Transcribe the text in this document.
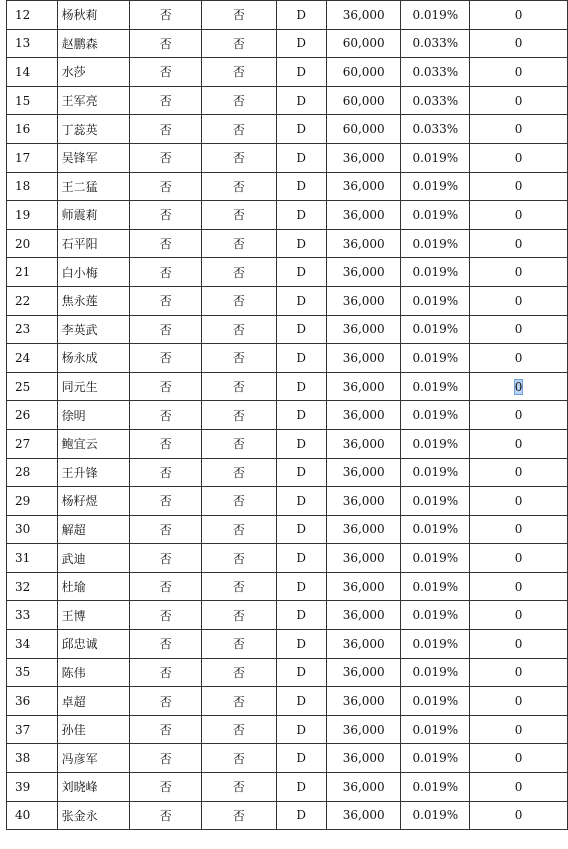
12	杨秋莉	否	否	D	36,000	0.019%	0
13	赵鹏森	否	否	D	60,000	0.033%	0
14	水莎	否	否	D	60,000	0.033%	0
15	王军亮	否	否	D	60,000	0.033%	0
16	丁蕊英	否	否	D	60,000	0.033%	0
17	吴锋军	否	否	D	36,000	0.019%	0
18	王二猛	否	否	D	36,000	0.019%	0
19	师震莉	否	否	D	36,000	0.019%	0
20	石平阳	否	否	D	36,000	0.019%	0
21	白小梅	否	否	D	36,000	0.019%	0
22	焦永莲	否	否	D	36,000	0.019%	0
23	李英武	否	否	D	36,000	0.019%	0
24	杨永成	否	否	D	36,000	0.019%	0
25	同元生	否	否	D	36,000	0.019%	0
26	徐明	否	否	D	36,000	0.019%	0
27	鲍宜云	否	否	D	36,000	0.019%	0
28	王升锋	否	否	D	36,000	0.019%	0
29	杨籽煜	否	否	D	36,000	0.019%	0
30	解超	否	否	D	36,000	0.019%	0
31	武迪	否	否	D	36,000	0.019%	0
32	杜瑜	否	否	D	36,000	0.019%	0
33	王博	否	否	D	36,000	0.019%	0
34	邱忠诚	否	否	D	36,000	0.019%	0
35	陈伟	否	否	D	36,000	0.019%	0
36	卓超	否	否	D	36,000	0.019%	0
37	孙佳	否	否	D	36,000	0.019%	0
38	冯彦军	否	否	D	36,000	0.019%	0
39	刘晓峰	否	否	D	36,000	0.019%	0
40	张金永	否	否	D	36,000	0.019%	0
